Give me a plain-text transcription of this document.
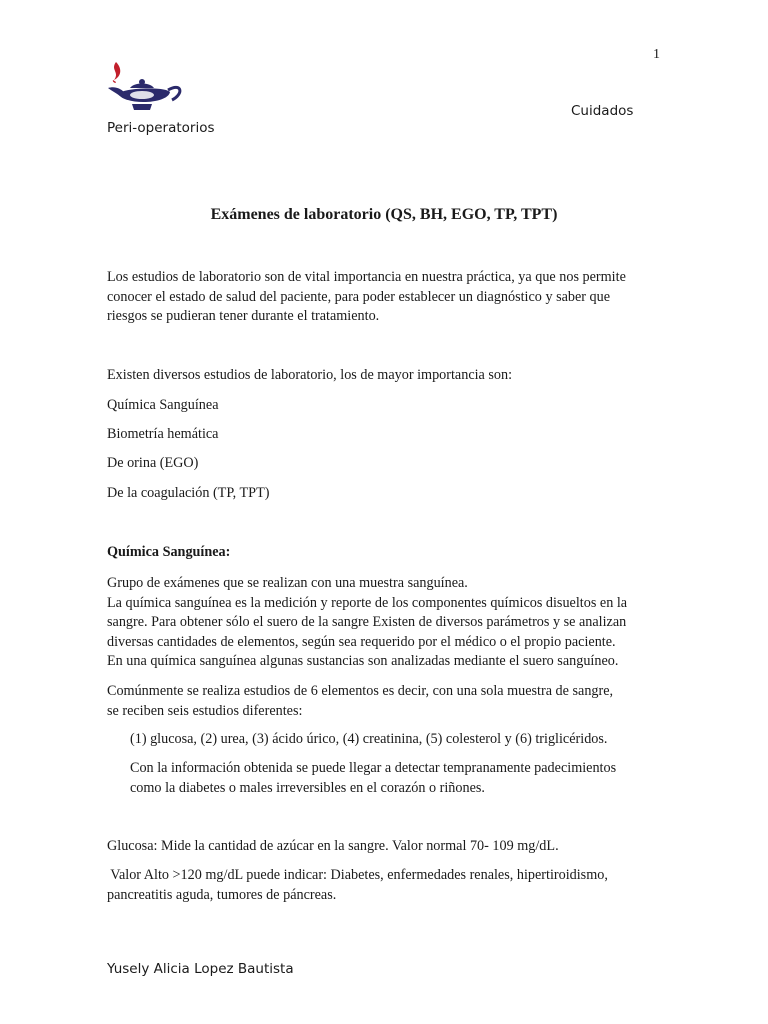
1
Cuidados
Peri-operatorios
Exámenes de laboratorio (QS, BH, EGO, TP, TPT)

Los estudios de laboratorio son de vital importancia en nuestra práctica, ya que nos permite

conocer el estado de salud del paciente, para poder establecer un diagnóstico y saber que

riesgos se pudieran tener durante el tratamiento.

Existen diversos estudios de laboratorio, los de mayor importancia son:
Química Sanguínea
Biometría hemática
De orina (EGO)
De la coagulación (TP, TPT)
Química Sanguínea:

Grupo de exámenes que se realizan con una muestra sanguínea.

La química sanguínea es la medición y reporte de los componentes químicos disueltos en la

sangre. Para obtener sólo el suero de la sangre Existen de diversos parámetros y se analizan

diversas cantidades de elementos, según sea requerido por el médico o el propio paciente.

En una química sanguínea algunas sustancias son analizadas mediante el suero sanguíneo.

Comúnmente se realiza estudios de 6 elementos es decir, con una sola muestra de sangre,

se reciben seis estudios diferentes:

(1) glucosa, (2) urea, (3) ácido úrico, (4) creatinina, (5) colesterol y (6) triglicéridos.

Con la información obtenida se puede llegar a detectar tempranamente padecimientos

como la diabetes o males irreversibles en el corazón o riñones.

Glucosa: Mide la cantidad de azúcar en la sangre. Valor normal 70- 109 mg/dL.

Valor Alto >120 mg/dL puede indicar: Diabetes, enfermedades renales, hipertiroidismo,

pancreatitis aguda, tumores de páncreas.

Yusely Alicia Lopez Bautista
